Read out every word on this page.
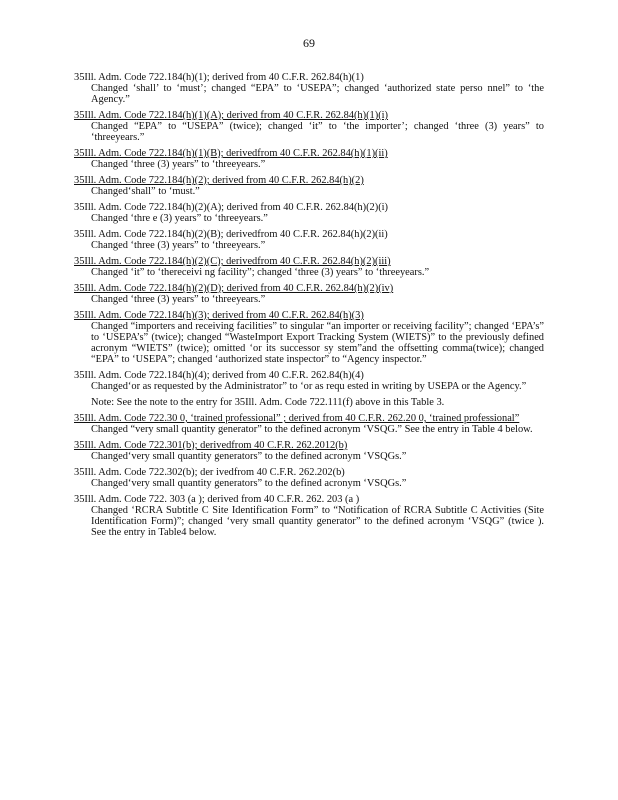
69
35Ill. Adm. Code 722.184(h)(1); derived from 40 C.F.R. 262.84(h)(1)
Changed ‘shall’ to ‘must’; changed “EPA” to ‘USEPA”; changed ‘authorized state perso nnel” to ‘the Agency.”
35Ill. Adm. Code 722.184(h)(1)(A); derived from 40 C.F.R. 262.84(h)(1)(i)
Changed “EPA” to “USEPA” (twice); changed ‘it” to ‘the importer’; changed ‘three (3) years” to ‘threeyears.”
35Ill. Adm. Code 722.184(h)(1)(B); derivedfrom 40 C.F.R. 262.84(h)(1)(ii)
Changed ‘three (3) years” to ‘threeyears.”
35Ill. Adm. Code 722.184(h)(2); derived from 40 C.F.R. 262.84(h)(2)
Changed‘shall” to ‘must.”
35Ill. Adm. Code 722.184(h)(2)(A); derived from 40 C.F.R. 262.84(h)(2)(i)
Changed ‘thre e (3) years” to ‘threeyears.”
35Ill. Adm. Code 722.184(h)(2)(B); derivedfrom 40 C.F.R. 262.84(h)(2)(ii)
Changed ‘three (3) years” to ‘threeyears.”
35Ill. Adm. Code 722.184(h)(2)(C); derivedfrom 40 C.F.R. 262.84(h)(2)(iii)
Changed ‘it” to ‘thereceivi ng facility”; changed ‘three (3) years” to ‘threeyears.”
35Ill. Adm. Code 722.184(h)(2)(D); derived from 40 C.F.R. 262.84(h)(2)(iv)
Changed ‘three (3) years” to ‘threeyears.”
35Ill. Adm. Code 722.184(h)(3); derived from 40 C.F.R. 262.84(h)(3)
Changed “importers and receiving facilities” to singular “an importer or receiving facility”; changed ‘EPA’s” to ‘USEPA’s” (twice); changed “WasteImport Export Tracking System (WIETS)” to the previously defined acronym “WIETS” (twice); omitted ‘or its successor sy stem”and the offsetting comma(twice); changed “EPA” to ‘USEPA”; changed ‘authorized state inspector” to “Agency inspector.”
35Ill. Adm. Code 722.184(h)(4); derived from 40 C.F.R. 262.84(h)(4)
Changed‘or as requested by the Administrator” to ‘or as requ ested in writing by USEPA or the Agency.”
Note: See the note to the entry for 35Ill. Adm. Code 722.111(f) above in this Table 3.
35Ill. Adm. Code 722.30 0, ‘trained professional” ; derived from 40 C.F.R. 262.20 0, ‘trained professional”
Changed “very small quantity generator” to the defined acronym ‘VSQG.” See the entry in Table 4 below.
35Ill. Adm. Code 722.301(b); derivedfrom 40 C.F.R. 262.2012(b)
Changed‘very small quantity generators” to the defined acronym ‘VSQGs.”
35Ill. Adm. Code 722.302(b); der ivedfrom 40 C.F.R. 262.202(b)
Changed‘very small quantity generators” to the defined acronym ‘VSQGs.”
35Ill. Adm. Code 722. 303 (a ); derived from 40 C.F.R. 262. 203 (a )
Changed ‘RCRA Subtitle C Site Identification Form” to “Notification of RCRA Subtitle C Activities (Site Identification Form)”; changed ‘very small quantity generator” to the defined acronym ‘VSQG” (twice ). See the entry in Table4 below.
